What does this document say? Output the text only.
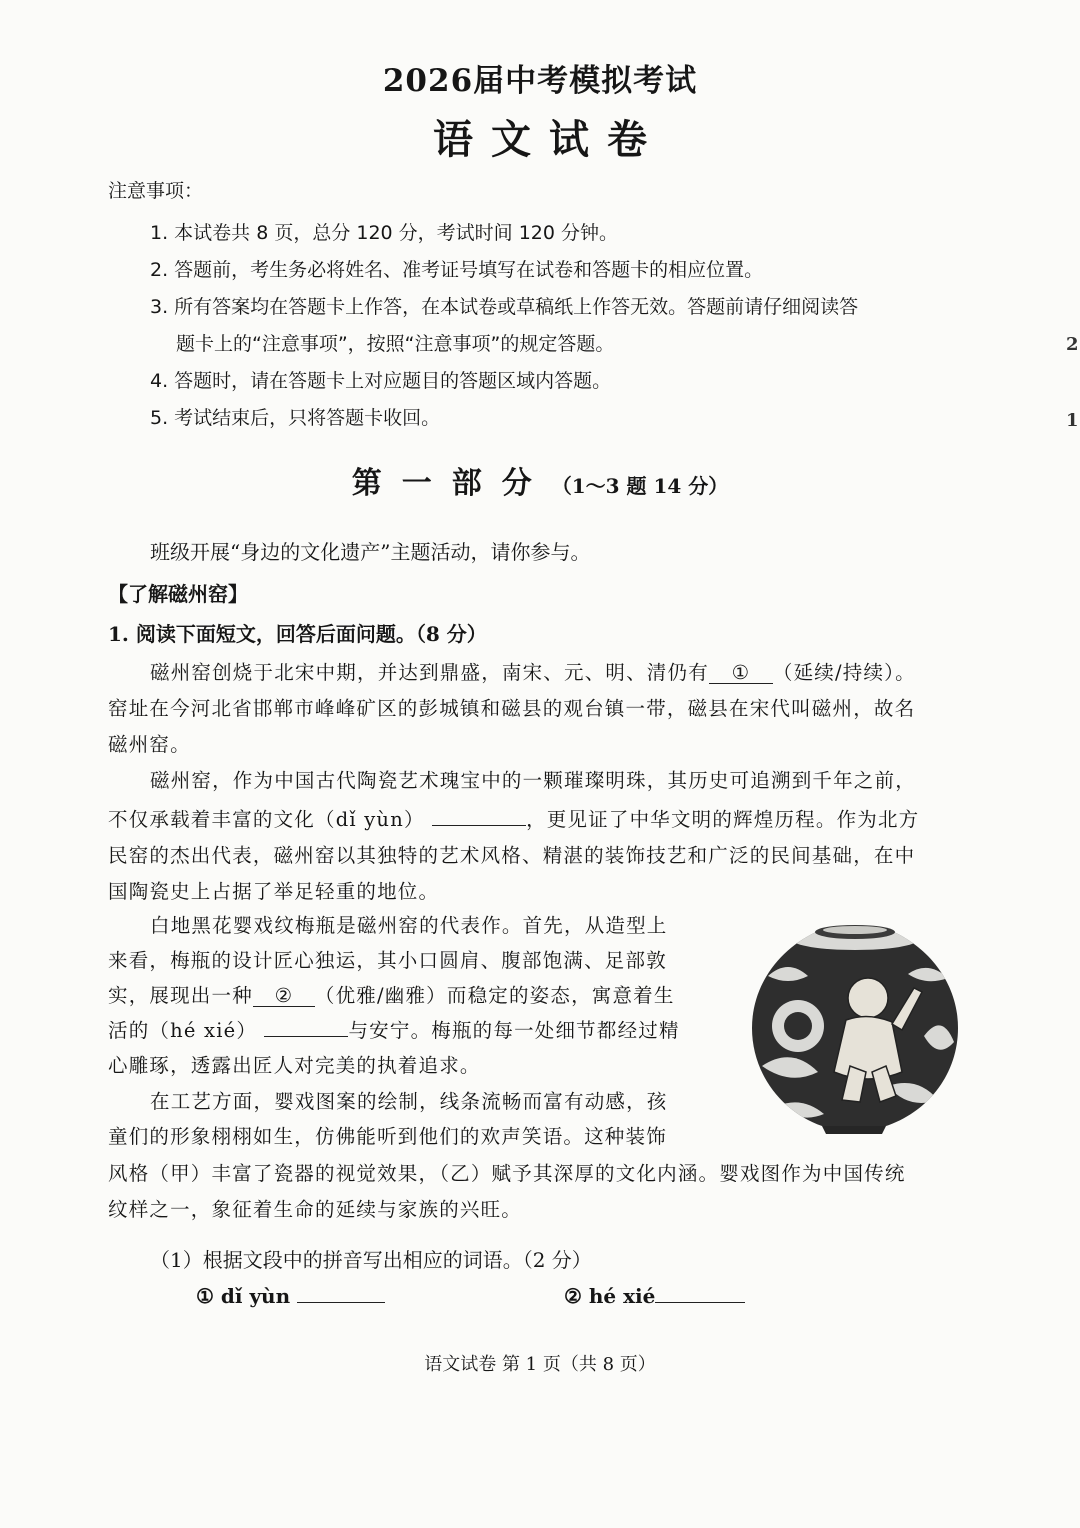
2026届中考模拟考试
语文试卷
注意事项：
1. 本试卷共 8 页，总分 120 分，考试时间 120 分钟。
2. 答题前，考生务必将姓名、准考证号填写在试卷和答题卡的相应位置。
3. 所有答案均在答题卡上作答，在本试卷或草稿纸上作答无效。答题前请仔细阅读答
题卡上的“注意事项”，按照“注意事项”的规定答题。
4. 答题时，请在答题卡上对应题目的答题区域内答题。
5. 考试结束后，只将答题卡收回。
第一部分（1～3 题 14 分）
班级开展“身边的文化遗产”主题活动，请你参与。
【了解磁州窑】
1. 阅读下面短文，回答后面问题。（8 分）
磁州窑创烧于北宋中期，并达到鼎盛，南宋、元、明、清仍有 ① （延续/持续）。
窑址在今河北省邯郸市峰峰矿区的彭城镇和磁县的观台镇一带，磁县在宋代叫磁州，故名
磁州窑。
磁州窑，作为中国古代陶瓷艺术瑰宝中的一颗璀璨明珠，其历史可追溯到千年之前，
不仅承载着丰富的文化（dǐ yùn）	，更见证了中华文明的辉煌历程。作为北方
民窑的杰出代表，磁州窑以其独特的艺术风格、精湛的装饰技艺和广泛的民间基础，在中
国陶瓷史上占据了举足轻重的地位。
白地黑花婴戏纹梅瓶是磁州窑的代表作。首先，从造型上
来看，梅瓶的设计匠心独运，其小口圆肩、腹部饱满、足部敦
实，展现出一种 ② （优雅/幽雅）而稳定的姿态，寓意着生
活的（hé xié）	与安宁。梅瓶的每一处细节都经过精
心雕琢，透露出匠人对完美的执着追求。
在工艺方面，婴戏图案的绘制，线条流畅而富有动感，孩
童们的形象栩栩如生，仿佛能听到他们的欢声笑语。这种装饰
风格（甲）丰富了瓷器的视觉效果，（乙）赋予其深厚的文化内涵。婴戏图作为中国传统
纹样之一，象征着生命的延续与家族的兴旺。
（1）根据文段中的拼音写出相应的词语。（2 分）
① dǐ yùn	② hé xié
语文试卷 第 1 页（共 8 页）
2
1
